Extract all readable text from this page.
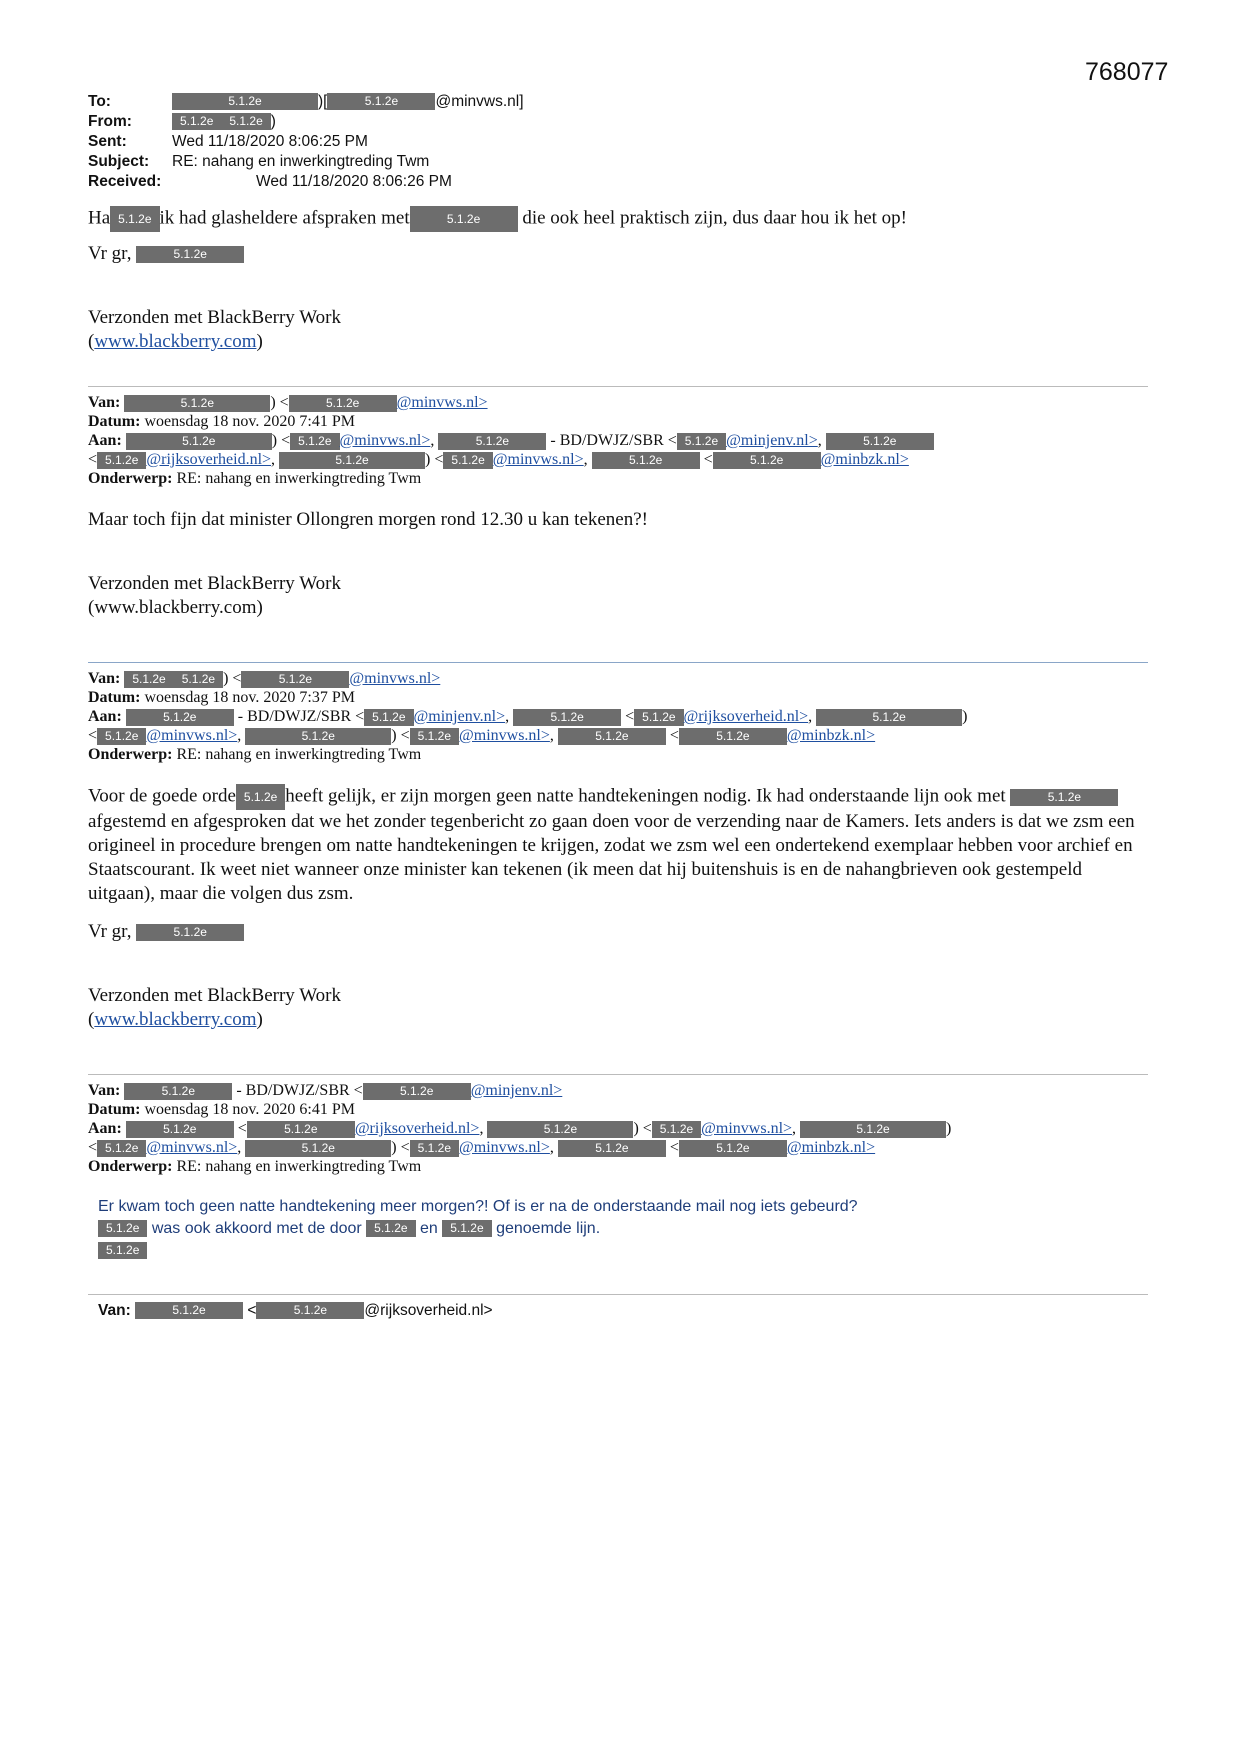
768077
To:	5.1.2e	)[	5.1.2e @minvws.nl]
From:	5.1.2e 5.1.2e )
Sent:	Wed 11/18/2020 8:06:25 PM
Subject: RE: nahang en inwerkingtreding Twm
Received:	Wed 11/18/2020 8:06:26 PM

Ha 5.1.2e ik had glasheldere afspraken met	5.1.2e die ook heel praktisch zijn, dus daar hou ik het op!

Vr gr,	5.1.2e

Verzonden met BlackBerry Work

(www.blackberry.com)

Van:	5.1.2e	) <	5.1.2e @minvws.nl>
Datum: woensdag 18 nov. 2020 7:41 PM
Aan:	5.1.2e	) < 5.1.2e @minvws.nl>,	5.1.2e	- BD/DWJZ/SBR < 5.1.2e @minjenv.nl>,	5.1.2e
< 5.1.2e @rijksoverheid.nl>,	5.1.2e	) < 5.1.2e @minvws.nl>,	5.1.2e <	5.1.2e @minbzk.nl>
Onderwerp: RE: nahang en inwerkingtreding Twm

Maar toch fijn dat minister Ollongren morgen rond 12.30 u kan tekenen?!

Verzonden met BlackBerry Work

(www.blackberry.com)

Van: 5.1.2e 5.1.2e ) <	5.1.2e @minvws.nl>
Datum: woensdag 18 nov. 2020 7:37 PM
Aan:	5.1.2e	- BD/DWJZ/SBR < 5.1.2e @minjenv.nl>,	5.1.2e < 5.1.2e @rijksoverheid.nl>,	5.1.2e	)
< 5.1.2e @minvws.nl>,	5.1.2e	) < 5.1.2e @minvws.nl>,	5.1.2e <	5.1.2e @minbzk.nl>
Onderwerp: RE: nahang en inwerkingtreding Twm

Voor de goede orde 5.1.2e heeft gelijk, er zijn morgen geen natte handtekeningen nodig. Ik had onderstaande lijn ook met	5.1.2e afgestemd en afgesproken dat we het zonder tegenbericht zo gaan doen voor de verzending naar de Kamers. Iets anders is dat we zsm een origineel in procedure brengen om natte handtekeningen te krijgen, zodat we zsm wel een ondertekend exemplaar hebben voor archief en Staatscourant. Ik weet niet wanneer onze minister kan tekenen (ik meen dat hij buitenshuis is en de nahangbrieven ook gestempeld uitgaan), maar die volgen dus zsm.

Vr gr,	5.1.2e

Verzonden met BlackBerry Work

(www.blackberry.com)

Van:	5.1.2e	- BD/DWJZ/SBR <	5.1.2e @minjenv.nl>
Datum: woensdag 18 nov. 2020 6:41 PM
Aan:	5.1.2e <	5.1.2e @rijksoverheid.nl>,	5.1.2e	) < 5.1.2e @minvws.nl>,	5.1.2e	)
< 5.1.2e @minvws.nl>,	5.1.2e	) < 5.1.2e @minvws.nl>,	5.1.2e <	5.1.2e @minbzk.nl>
Onderwerp: RE: nahang en inwerkingtreding Twm

Er kwam toch geen natte handtekening meer morgen?! Of is er na de onderstaande mail nog iets gebeurd?

5.1.2e was ook akkoord met de door 5.1.2e en 5.1.2e genoemde lijn.

5.1.2e

Van:	5.1.2e <	5.1.2e @rijksoverheid.nl>
